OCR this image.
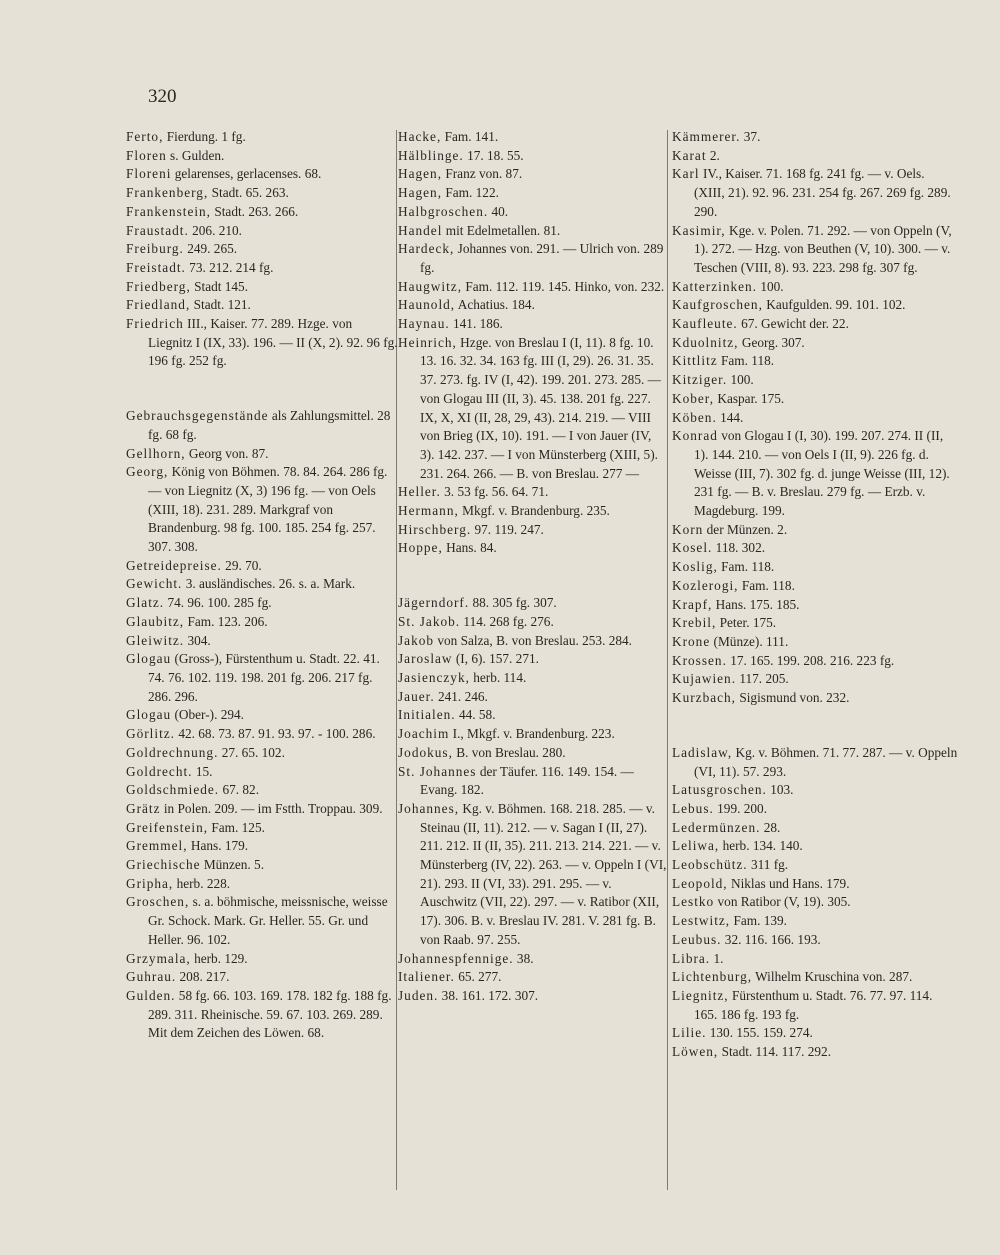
320
Ferto, Fierdung. 1 fg.
Floren s. Gulden.
Floreni gelarenses, gerlacenses. 68.
Frankenberg, Stadt. 65. 263.
Frankenstein, Stadt. 263. 266.
Fraustadt. 206. 210.
Freiburg. 249. 265.
Freistadt. 73. 212. 214 fg.
Friedberg, Stadt 145.
Friedland, Stadt. 121.
Friedrich III., Kaiser. 77. 289. Hzge. von Liegnitz I (IX, 33). 196. — II (X, 2). 92. 96 fg. 196 fg. 252 fg.
Gebrauchsgegenstände als Zahlungsmittel. 28 fg. 68 fg.
Gellhorn, Georg von. 87.
Georg, König von Böhmen. 78. 84. 264. 286 fg. — von Liegnitz (X, 3) 196 fg. — von Oels (XIII, 18). 231. 289. Markgraf von Brandenburg. 98 fg. 100. 185. 254 fg. 257. 307. 308.
Getreidepreise. 29. 70.
Gewicht. 3. ausländisches. 26. s. a. Mark.
Glatz. 74. 96. 100. 285 fg.
Glaubitz, Fam. 123. 206.
Gleiwitz. 304.
Glogau (Gross-), Fürstenthum u. Stadt. 22. 41. 74. 76. 102. 119. 198. 201 fg. 206. 217 fg. 286. 296.
Glogau (Ober-). 294.
Görlitz. 42. 68. 73. 87. 91. 93. 97. - 100. 286.
Goldrechnung. 27. 65. 102.
Goldrecht. 15.
Goldschmiede. 67. 82.
Grätz in Polen. 209. — im Fstth. Troppau. 309.
Greifenstein, Fam. 125.
Gremmel, Hans. 179.
Griechische Münzen. 5.
Gripha, herb. 228.
Groschen, s. a. böhmische, meissnische, weisse Gr. Schock. Mark. Gr. Heller. 55. Gr. und Heller. 96. 102.
Grzymala, herb. 129.
Guhrau. 208. 217.
Gulden. 58 fg. 66. 103. 169. 178. 182 fg. 188 fg. 289. 311. Rheinische. 59. 67. 103. 269. 289. Mit dem Zeichen des Löwen. 68.
Hacke, Fam. 141.
Hälblinge. 17. 18. 55.
Hagen, Franz von. 87.
Hagen, Fam. 122.
Halbgroschen. 40.
Handel mit Edelmetallen. 81.
Hardeck, Johannes von. 291. — Ulrich von. 289 fg.
Haugwitz, Fam. 112. 119. 145. Hinko, von. 232.
Haunold, Achatius. 184.
Haynau. 141. 186.
Heinrich, Hzge. von Breslau I (I, 11). 8 fg. 10. 13. 16. 32. 34. 163 fg. III (I, 29). 26. 31. 35. 37. 273. fg. IV (I, 42). 199. 201. 273. 285. — von Glogau III (II, 3). 45. 138. 201 fg. 227. IX, X, XI (II, 28, 29, 43). 214. 219. — VIII von Brieg (IX, 10). 191. — I von Jauer (IV, 3). 142. 237. — I von Münsterberg (XIII, 5). 231. 264. 266. — B. von Breslau. 277 —
Heller. 3. 53 fg. 56. 64. 71.
Hermann, Mkgf. v. Brandenburg. 235.
Hirschberg. 97. 119. 247.
Hoppe, Hans. 84.
Jägerndorf. 88. 305 fg. 307.
St. Jakob. 114. 268 fg. 276.
Jakob von Salza, B. von Breslau. 253. 284.
Jaroslaw (I, 6). 157. 271.
Jasienczyk, herb. 114.
Jauer. 241. 246.
Initialen. 44. 58.
Joachim I., Mkgf. v. Brandenburg. 223.
Jodokus, B. von Breslau. 280.
St. Johannes der Täufer. 116. 149. 154. — Evang. 182.
Johannes, Kg. v. Böhmen. 168. 218. 285. — v. Steinau (II, 11). 212. — v. Sagan I (II, 27). 211. 212. II (II, 35). 211. 213. 214. 221. — v. Münsterberg (IV, 22). 263. — v. Oppeln I (VI, 21). 293. II (VI, 33). 291. 295. — v. Auschwitz (VII, 22). 297. — v. Ratibor (XII, 17). 306. B. v. Breslau IV. 281. V. 281 fg. B. von Raab. 97. 255.
Johannespfennige. 38.
Italiener. 65. 277.
Juden. 38. 161. 172. 307.
Kämmerer. 37.
Karat 2.
Karl IV., Kaiser. 71. 168 fg. 241 fg. — v. Oels. (XIII, 21). 92. 96. 231. 254 fg. 267. 269 fg. 289. 290.
Kasimir, Kge. v. Polen. 71. 292. — von Oppeln (V, 1). 272. — Hzg. von Beuthen (V, 10). 300. — v. Teschen (VIII, 8). 93. 223. 298 fg. 307 fg.
Katterzinken. 100.
Kaufgroschen, Kaufgulden. 99. 101. 102.
Kaufleute. 67. Gewicht der. 22.
Kduolnitz, Georg. 307.
Kittlitz Fam. 118.
Kitziger. 100.
Kober, Kaspar. 175.
Köben. 144.
Konrad von Glogau I (I, 30). 199. 207. 274. II (II, 1). 144. 210. — von Oels I (II, 9). 226 fg. d. Weisse (III, 7). 302 fg. d. junge Weisse (III, 12). 231 fg. — B. v. Breslau. 279 fg. — Erzb. v. Magdeburg. 199.
Korn der Münzen. 2.
Kosel. 118. 302.
Koslig, Fam. 118.
Kozlerogi, Fam. 118.
Krapf, Hans. 175. 185.
Krebil, Peter. 175.
Krone (Münze). 111.
Krossen. 17. 165. 199. 208. 216. 223 fg.
Kujawien. 117. 205.
Kurzbach, Sigismund von. 232.
Ladislaw, Kg. v. Böhmen. 71. 77. 287. — v. Oppeln (VI, 11). 57. 293.
Latusgroschen. 103.
Lebus. 199. 200.
Ledermünzen. 28.
Leliwa, herb. 134. 140.
Leobschütz. 311 fg.
Leopold, Niklas und Hans. 179.
Lestko von Ratibor (V, 19). 305.
Lestwitz, Fam. 139.
Leubus. 32. 116. 166. 193.
Libra. 1.
Lichtenburg, Wilhelm Kruschina von. 287.
Liegnitz, Fürstenthum u. Stadt. 76. 77. 97. 114. 165. 186 fg. 193 fg.
Lilie. 130. 155. 159. 274.
Löwen, Stadt. 114. 117. 292.
